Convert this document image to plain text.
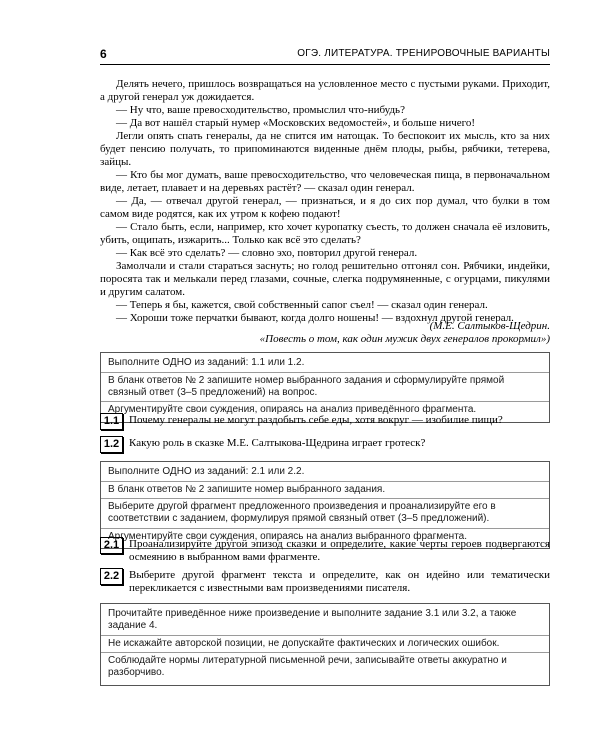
6	ОГЭ. ЛИТЕРАТУРА. ТРЕНИРОВОЧНЫЕ ВАРИАНТЫ

Делять нечего, пришлось возвращаться на условленное место с пустыми руками. Приходит, а другой генерал уж дожидается.

— Ну что, ваше превосходительство, промыслил что-нибудь?

— Да вот нашёл старый нумер «Московских ведомостей», и больше ничего!

Легли опять спать генералы, да не спится им натощак. То беспокоит их мысль, кто за них будет пенсию получать, то припоминаются виденные днём плоды, рыбы, рябчики, тетерева, зайцы.

— Кто бы мог думать, ваше превосходительство, что человеческая пища, в первоначальном виде, летает, плавает и на деревьях растёт? — сказал один генерал.

— Да, — отвечал другой генерал, — признаться, и я до сих пор думал, что булки в том самом виде родятся, как их утром к кофею подают!

— Стало быть, если, например, кто хочет куропатку съесть, то должен сначала её изловить, убить, ощипать, изжарить... Только как всё это сделать?

— Как всё это сделать? — словно эхо, повторил другой генерал.

Замолчали и стали стараться заснуть; но голод решительно отгонял сон. Рябчики, индейки, поросята так и мелькали перед глазами, сочные, слегка подрумяненные, с огурцами, пикулями и другим салатом.

— Теперь я бы, кажется, свой собственный сапог съел! — сказал один генерал.

— Хороши тоже перчатки бывают, когда долго ношены! — вздохнул другой генерал.

(М.Е. Салтыков-Щедрин.
«Повесть о том, как один мужик двух генералов прокормил»)

Выполните ОДНО из заданий: 1.1 или 1.2.

В бланк ответов № 2 запишите номер выбранного задания и сформулируйте прямой связный ответ (3–5 предложений) на вопрос.

Аргументируйте свои суждения, опираясь на анализ приведённого фрагмента.

1.1 Почему генералы не могут раздобыть себе еды, хотя вокруг — изобилие пищи?
1.2 Какую роль в сказке М.Е. Салтыкова-Щедрина играет гротеск?

Выполните ОДНО из заданий: 2.1 или 2.2.

В бланк ответов № 2 запишите номер выбранного задания.

Выберите другой фрагмент предложенного произведения и проанализируйте его в соответствии с заданием, формулируя прямой связный ответ (3–5 предложений).

Аргументируйте свои суждения, опираясь на анализ выбранного фрагмента.

2.1 Проанализируйте другой эпизод сказки и определите, какие черты героев подвергаются осмеянию в выбранном вами фрагменте.
2.2 Выберите другой фрагмент текста и определите, как он идейно или тематически перекликается с известными вам произведениями писателя.

Прочитайте приведённое ниже произведение и выполните задание 3.1 или 3.2, а также задание 4.

Не искажайте авторской позиции, не допускайте фактических и логических ошибок.

Соблюдайте нормы литературной письменной речи, записывайте ответы аккуратно и разборчиво.
